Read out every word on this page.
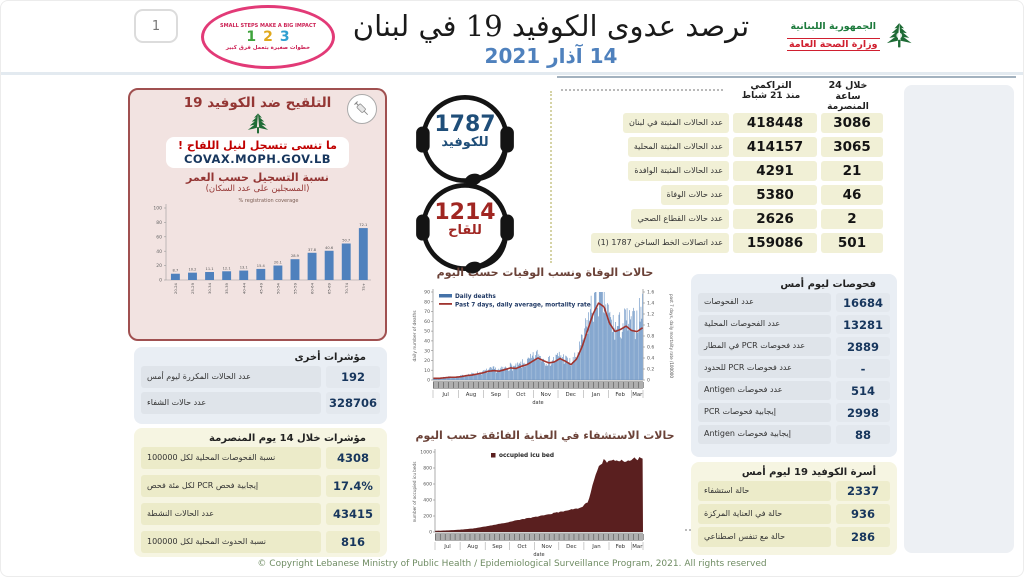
1	SMALL STEPS MAKE A BIG IMPACT
1 2 3
خطوات صغيرة بتعمل فرق كبير
ترصد عدوى الكوفيد 19 في لبنان
14 آذار 2021
الجمهورية اللبنانية
وزارة الصحة العامة
التلقيح ضد الكوفيد 19
ما تنسى تتسجل لنيل اللقاح !
COVAX.MOPH.GOV.LB
نسبة التسجيل حسب العمر
(المسجلين على عدد السكان)
% registration coverage
0
20
40
60
80
100
8.7
20-24
10.2
25-29
11.1
30-34
12.1
35-39
13.1
40-44
15.4
45-49
20.1
50-54
28.9
55-59
37.8
60-64
40.6
65-69
50.7
70-74
72.1
75+
1787
للكوفيد
1214
للقاح
التراكمي
منذ 21 شباط
خلال 24 ساعة
المنصرمة
عدد الحالات المثبتة في لبنان	418448	3086
عدد الحالات المثبتة المحلية	414157	3065
عدد الحالات المثبتة الوافدة	4291	21
عدد حالات الوفاة	5380	46
عدد حالات القطاع الصحي	2626	2
عدد اتصالات الخط الساخن 1787 (1)	159086	501
حالات الوفاة ونسب الوفيات حسب اليوم
0
10
20
30
40
50
60
70
80
90
0
0.2
0.4
0.6
0.8
1
1.2
1.4
1.6
daily number of deaths	past 7 days, daily mortality rate /100000
Daily deaths
Past 7 days, daily average, mortality rate
Jul	Aug	Sep	Oct	Nov	Dec	Jan	Feb Mar
date
حالات الاستشفاء في العناية الفائقة حسب اليوم
0
200
400
600
800
1000
number of occupied icu beds
occupied icu bed
Jul	Aug	Sep	Oct	Nov	Dec	Jan	Feb Mar
date
فحوصات ليوم أمس
عدد الفحوصات	16684
عدد الفحوصات المحلية	13281
عدد فحوصات PCR في المطار	2889
عدد فحوصات PCR للحدود	-
عدد فحوصات Antigen	514
إيجابية فحوصات PCR	2998
إيجابية فحوصات Antigen	88
أسرة الكوفيد 19 ليوم أمس
حالة استشفاء	2337
حالة في العناية المركزة	936
حالة مع تنفس اصطناعي	286
مؤشرات أخرى
عدد الحالات المكررة ليوم أمس	192
عدد حالات الشفاء	328706
مؤشرات خلال 14 يوم المنصرمة
نسبة الفحوصات المحلية لكل 100000	4308
إيجابية فحص PCR لكل مئة فحص	17.4%
عدد الحالات النشطة	43415
نسبة الحدوث المحلية لكل 100000	816
© Copyright Lebanese Ministry of Public Health / Epidemiological Surveillance Program, 2021. All rights reserved
